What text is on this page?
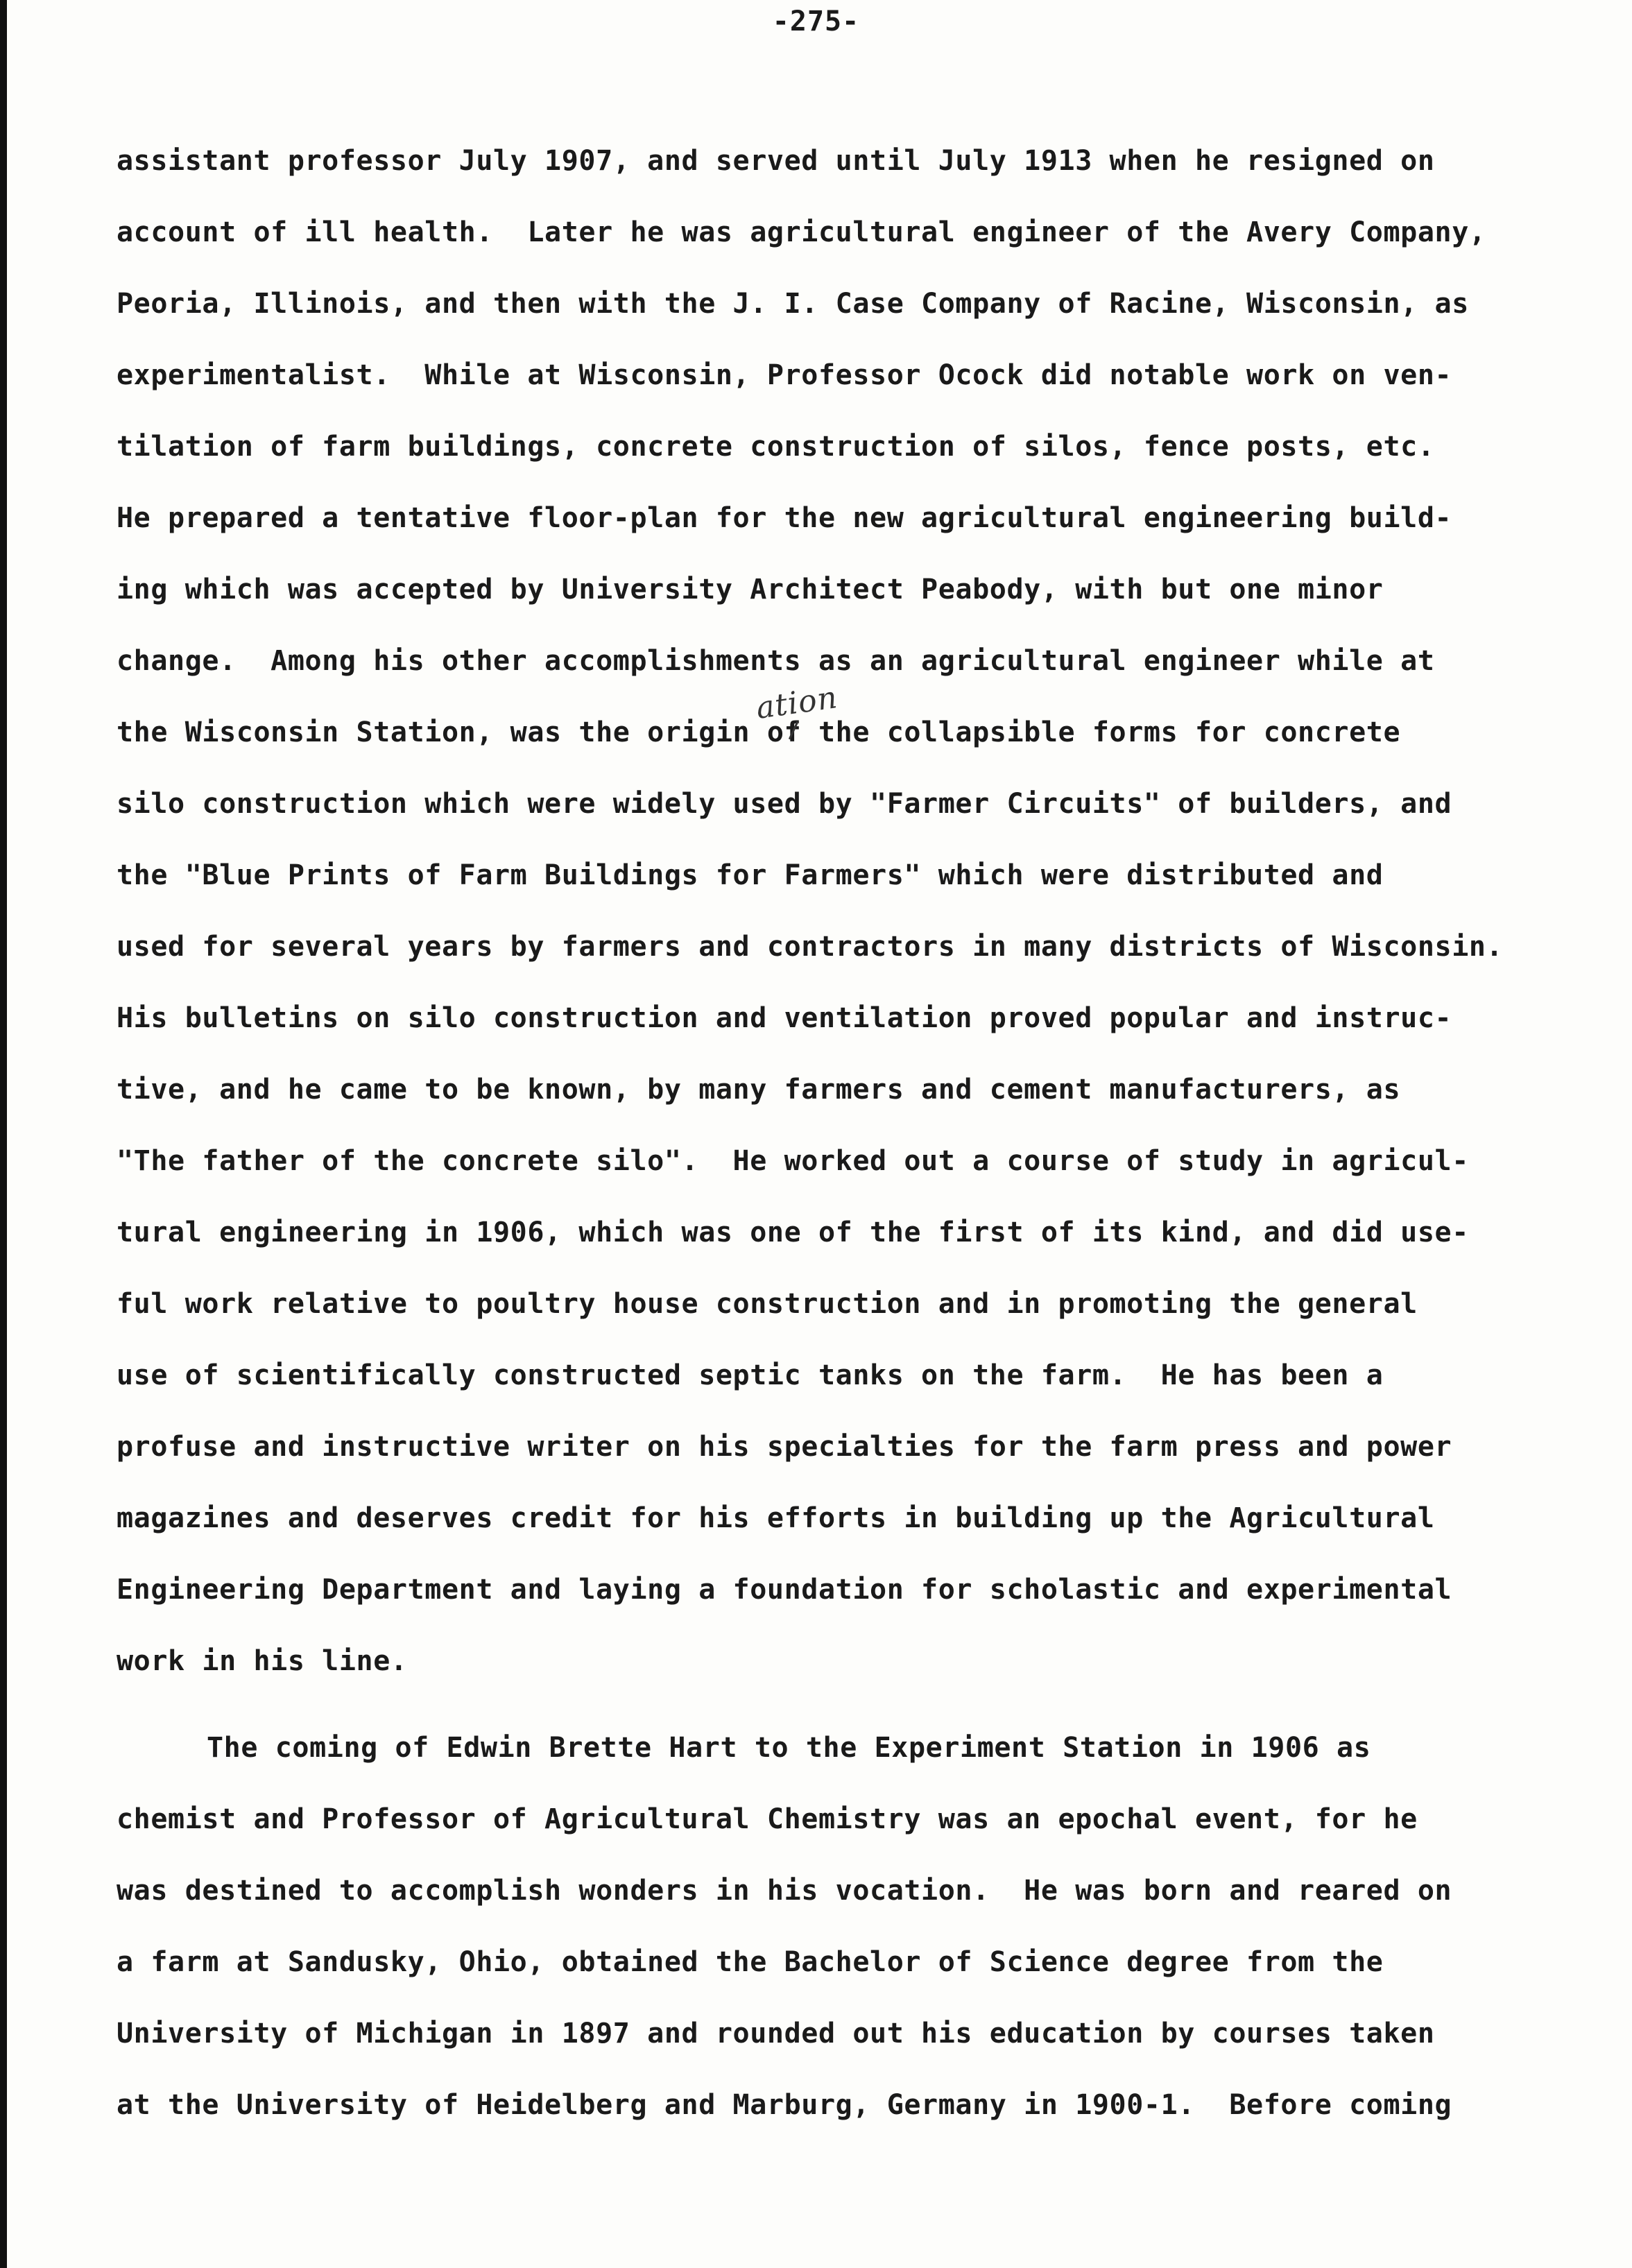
-275-
assistant professor July 1907, and served until July 1913 when he resigned on
account of ill health.  Later he was agricultural engineer of the Avery Company,
Peoria, Illinois, and then with the J. I. Case Company of Racine, Wisconsin, as
experimentalist.  While at Wisconsin, Professor Ocock did notable work on ven-
tilation of farm buildings, concrete construction of silos, fence posts, etc.
He prepared a tentative floor-plan for the new agricultural engineering build-
ing which was accepted by University Architect Peabody, with but one minor
change.  Among his other accomplishments as an agricultural engineer while at
the Wisconsin Station, was the origin of the collapsible forms for concrete
silo construction which were widely used by "Farmer Circuits" of builders, and
the "Blue Prints of Farm Buildings for Farmers" which were distributed and
used for several years by farmers and contractors in many districts of Wisconsin.
His bulletins on silo construction and ventilation proved popular and instruc-
tive, and he came to be known, by many farmers and cement manufacturers, as
"The father of the concrete silo".  He worked out a course of study in agricul-
tural engineering in 1906, which was one of the first of its kind, and did use-
ful work relative to poultry house construction and in promoting the general
use of scientifically constructed septic tanks on the farm.  He has been a
profuse and instructive writer on his specialties for the farm press and power
magazines and deserves credit for his efforts in building up the Agricultural
Engineering Department and laying a foundation for scholastic and experimental
work in his line.
The coming of Edwin Brette Hart to the Experiment Station in 1906 as
chemist and Professor of Agricultural Chemistry was an epochal event, for he
was destined to accomplish wonders in his vocation.  He was born and reared on
a farm at Sandusky, Ohio, obtained the Bachelor of Science degree from the
University of Michigan in 1897 and rounded out his education by courses taken
at the University of Heidelberg and Marburg, Germany in 1900-1.  Before coming
ation
